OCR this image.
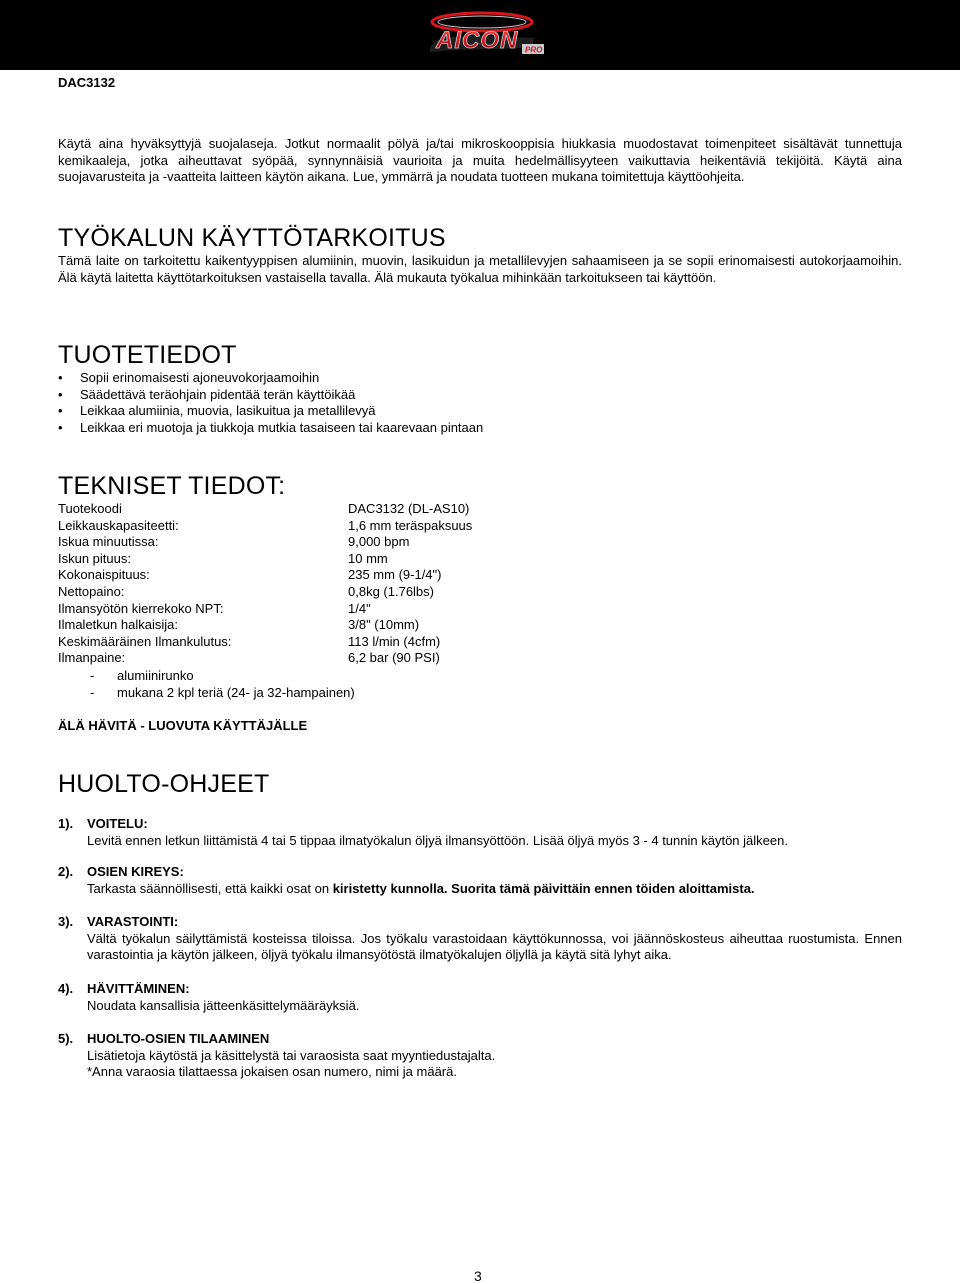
AICON PRO
DAC3132
Käytä aina hyväksyttyjä suojalaseja. Jotkut normaalit pölyä ja/tai mikroskooppisia hiukkasia muodostavat toimenpiteet sisältävät tunnettuja kemikaaleja, jotka aiheuttavat syöpää, synnynnäisiä vaurioita ja muita hedelmällisyyteen vaikuttavia heikentäviä tekijöitä. Käytä aina suojavarusteita ja -vaatteita laitteen käytön aikana. Lue, ymmärrä ja noudata tuotteen mukana toimitettuja käyttöohjeita.
TYÖKALUN KÄYTTÖTARKOITUS
Tämä laite on tarkoitettu kaikentyyppisen alumiinin, muovin, lasikuidun ja metallilevyjen sahaamiseen ja se sopii erinomaisesti autokorjaamoihin. Älä käytä laitetta käyttötarkoituksen vastaisella tavalla. Älä mukauta työkalua mihinkään tarkoitukseen tai käyttöön.
TUOTETIEDOT
• Sopii erinomaisesti ajoneuvokorjaamoihin
• Säädettävä teräohjain pidentää terän käyttöikää
• Leikkaa alumiinia, muovia, lasikuitua ja metallilevyä
• Leikkaa eri muotoja ja tiukkoja mutkia tasaiseen tai kaarevaan pintaan
TEKNISET TIEDOT:
Tuotekoodi	DAC3132 (DL-AS10)
Leikkauskapasiteetti:	1,6 mm teräspaksuus
Iskua minuutissa:	9,000 bpm
Iskun pituus:	10 mm
Kokonaispituus:	235 mm (9-1/4")
Nettopaino:	0,8kg (1.76lbs)
Ilmansyötön kierrekoko NPT:	1/4"
Ilmaletkun halkaisija:	3/8" (10mm)
Keskimääräinen Ilmankulutus:	113 l/min (4cfm)
Ilmanpaine:	6,2 bar (90 PSI)
-	alumiinirunko
-	mukana 2 kpl teriä (24- ja 32-hampainen)
ÄLÄ HÄVITÄ - LUOVUTA KÄYTTÄJÄLLE
HUOLTO-OHJEET
1).	VOITELU:
Levitä ennen letkun liittämistä 4 tai 5 tippaa ilmatyökalun öljyä ilmansyöttöön. Lisää öljyä myös 3 - 4 tunnin käytön jälkeen.
2).	OSIEN KIREYS:
Tarkasta säännöllisesti, että kaikki osat on kiristetty kunnolla. Suorita tämä päivittäin ennen töiden aloittamista.
3).	VARASTOINTI:
Vältä työkalun säilyttämistä kosteissa tiloissa. Jos työkalu varastoidaan käyttökunnossa, voi jäännöskosteus aiheuttaa ruostumista. Ennen varastointia ja käytön jälkeen, öljyä työkalu ilmansyötöstä ilmatyökalujen öljyllä ja käytä sitä lyhyt aika.
4).	HÄVITTÄMINEN:
Noudata kansallisia jätteenkäsittelymääräyksiä.
5).	HUOLTO-OSIEN TILAAMINEN
Lisätietoja käytöstä ja käsittelystä tai varaosista saat myyntiedustajalta.
*Anna varaosia tilattaessa jokaisen osan numero, nimi ja määrä.
3
